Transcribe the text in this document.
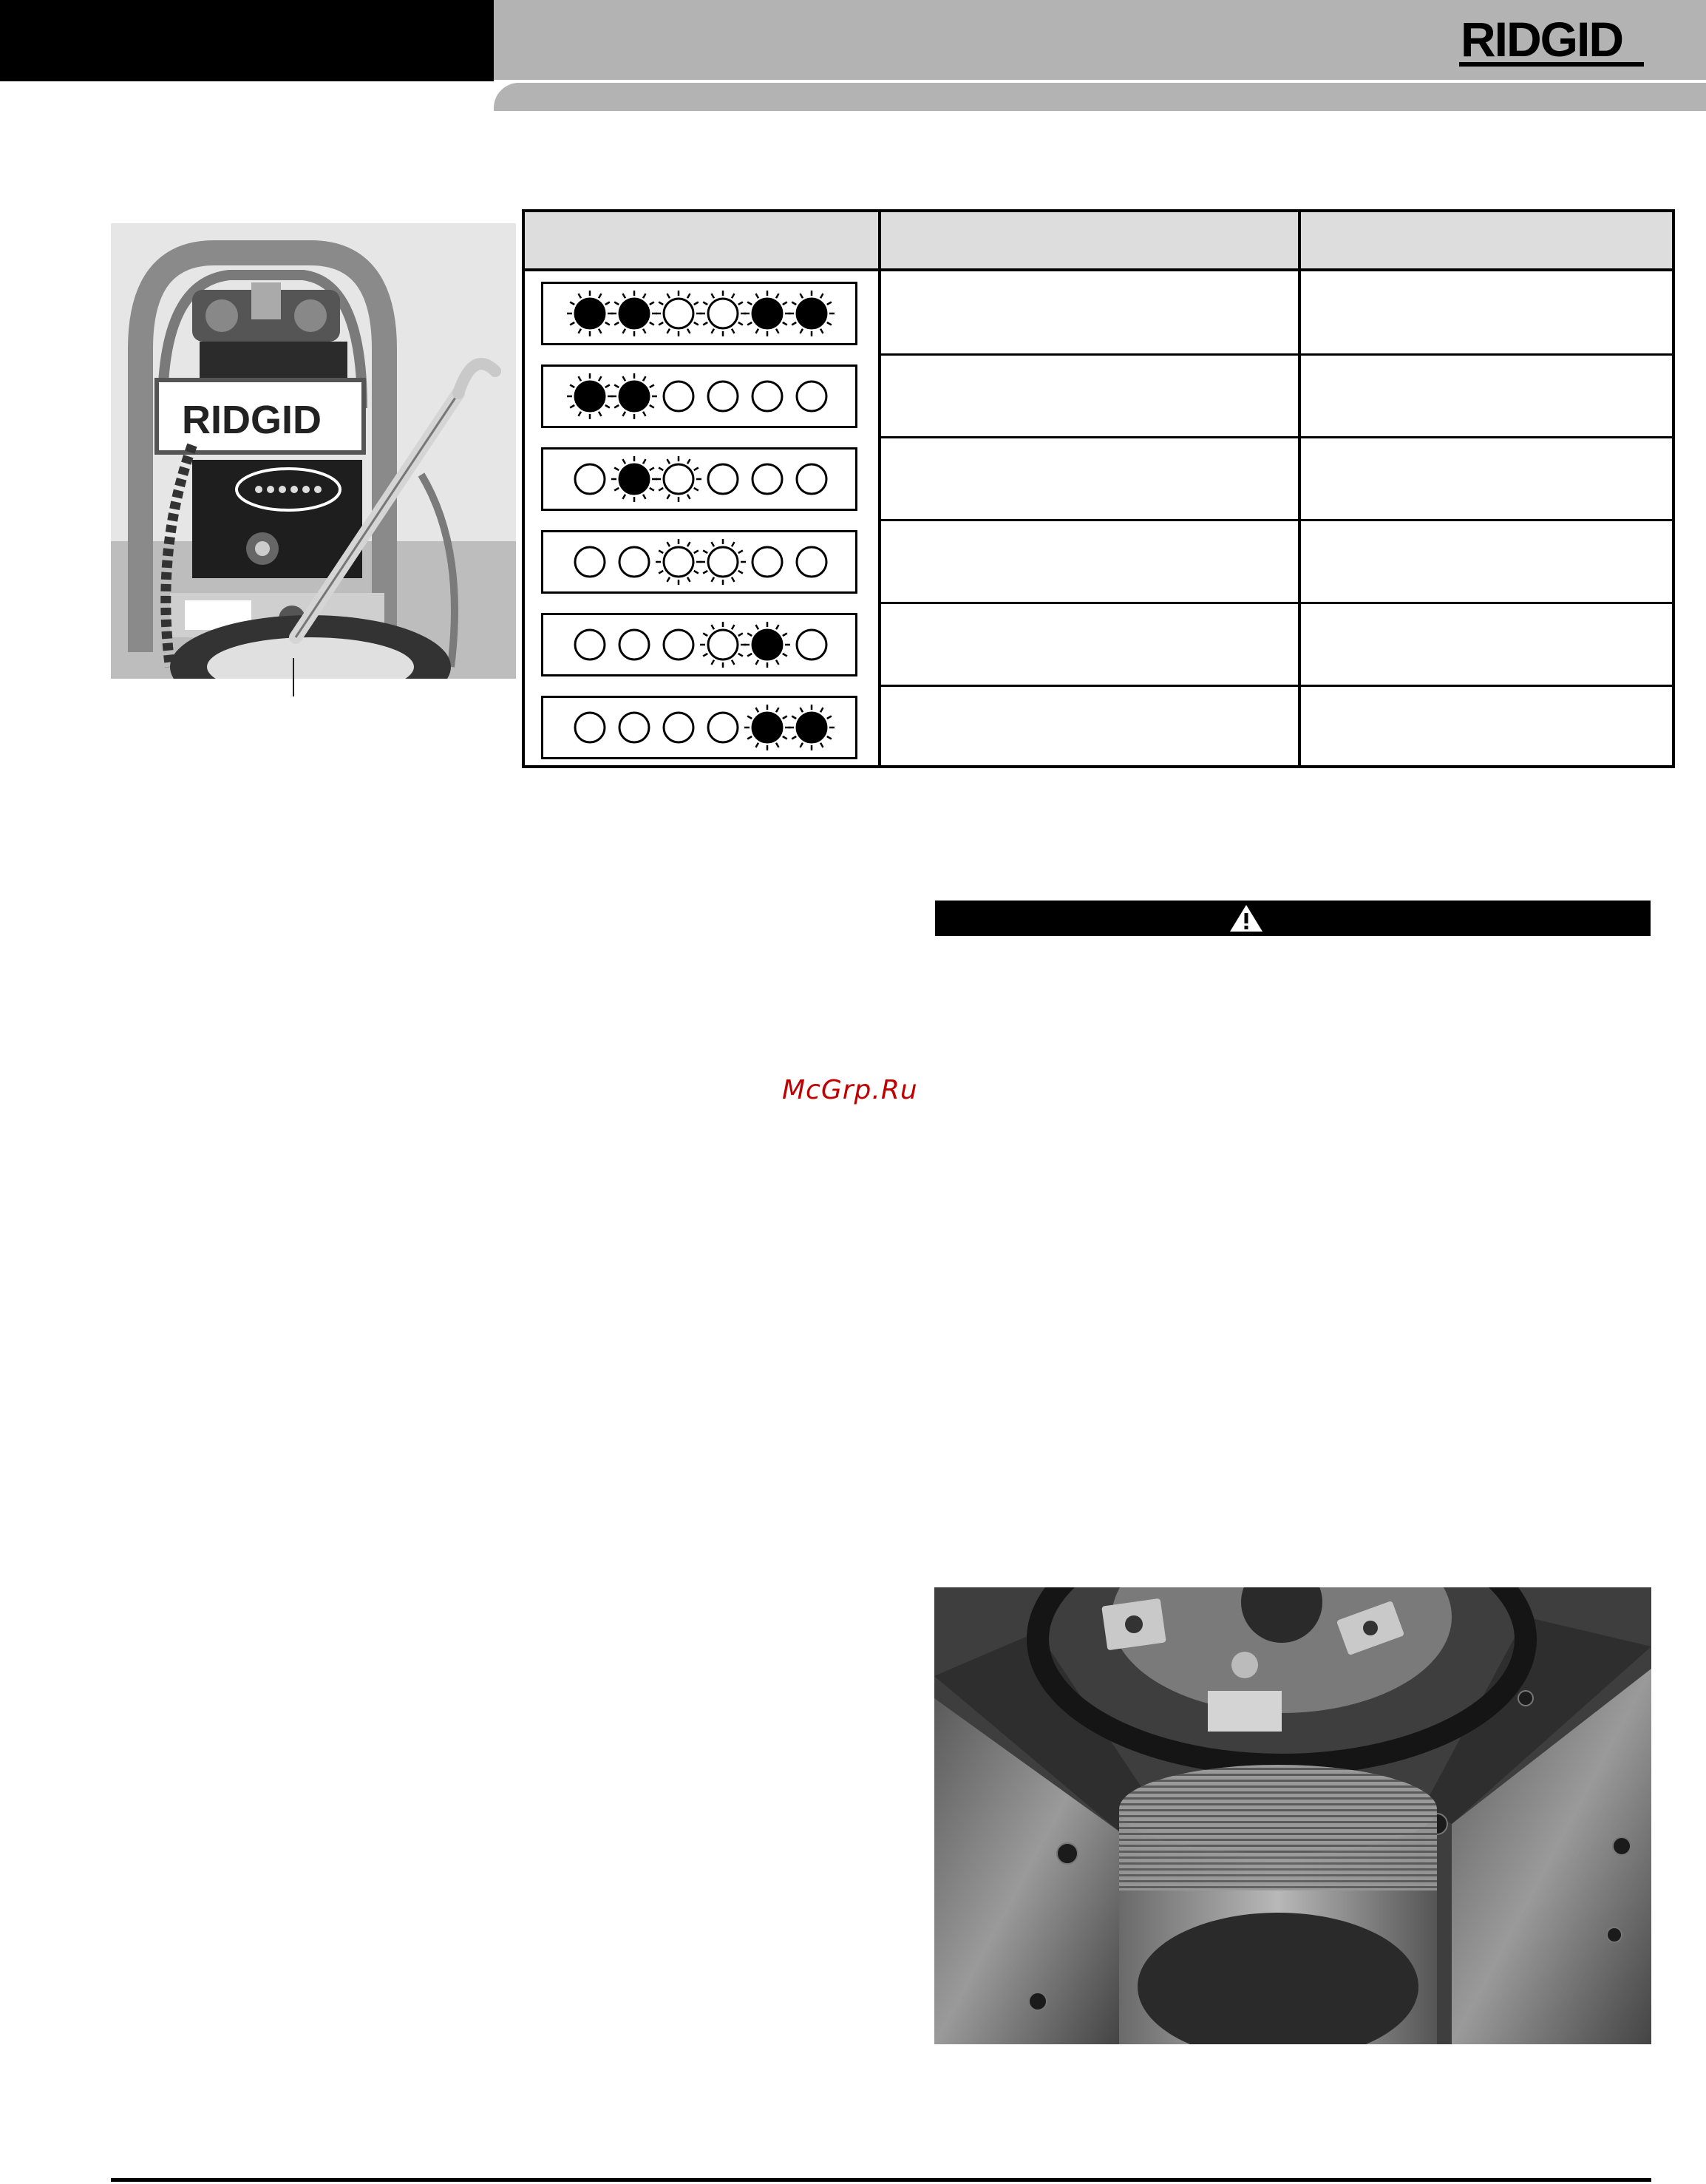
RIDGID
RIDGID
McGrp.Ru
